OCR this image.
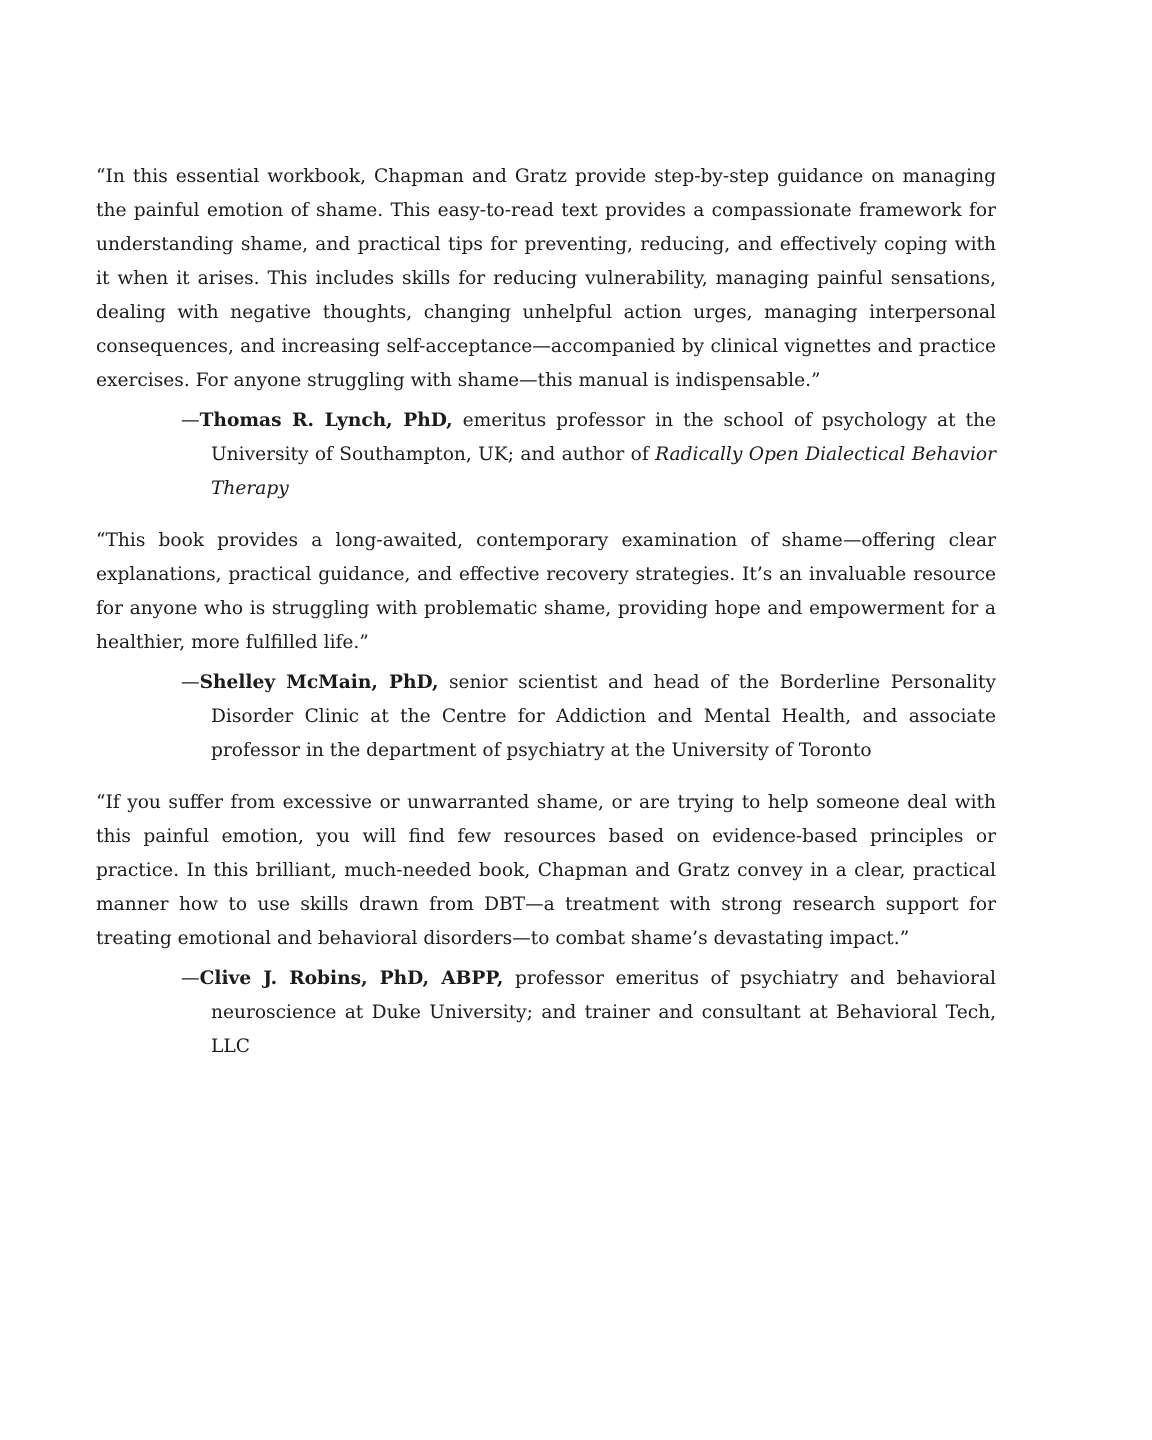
“In this essential workbook, Chapman and Gratz provide step-by-step guidance on managing the painful emotion of shame. This easy-to-read text provides a compassionate framework for understanding shame, and practical tips for preventing, reducing, and effectively coping with it when it arises. This includes skills for reducing vulnerability, managing painful sensations, dealing with negative thoughts, changing unhelpful action urges, managing interpersonal consequences, and increasing self-acceptance—accompanied by clinical vignettes and practice exercises. For anyone struggling with shame—this manual is indispensable.”

—Thomas R. Lynch, PhD, emeritus professor in the school of psychology at the University of Southampton, UK; and author of Radically Open Dialectical Behavior Therapy

“This book provides a long-awaited, contemporary examination of shame—offering clear explanations, practical guidance, and effective recovery strategies. It’s an invaluable resource for anyone who is struggling with problematic shame, providing hope and empowerment for a healthier, more fulfilled life.”

—Shelley McMain, PhD, senior scientist and head of the Borderline Personality Disorder Clinic at the Centre for Addiction and Mental Health, and associate professor in the department of psychiatry at the University of Toronto

“If you suffer from excessive or unwarranted shame, or are trying to help someone deal with this painful emotion, you will find few resources based on evidence-based principles or practice. In this brilliant, much-needed book, Chapman and Gratz convey in a clear, practical manner how to use skills drawn from DBT—a treatment with strong research support for treating emotional and behavioral disorders—to combat shame’s devastating impact.”

—Clive J. Robins, PhD, ABPP, professor emeritus of psychiatry and behavioral neuroscience at Duke University; and trainer and consultant at Behavioral Tech, LLC
